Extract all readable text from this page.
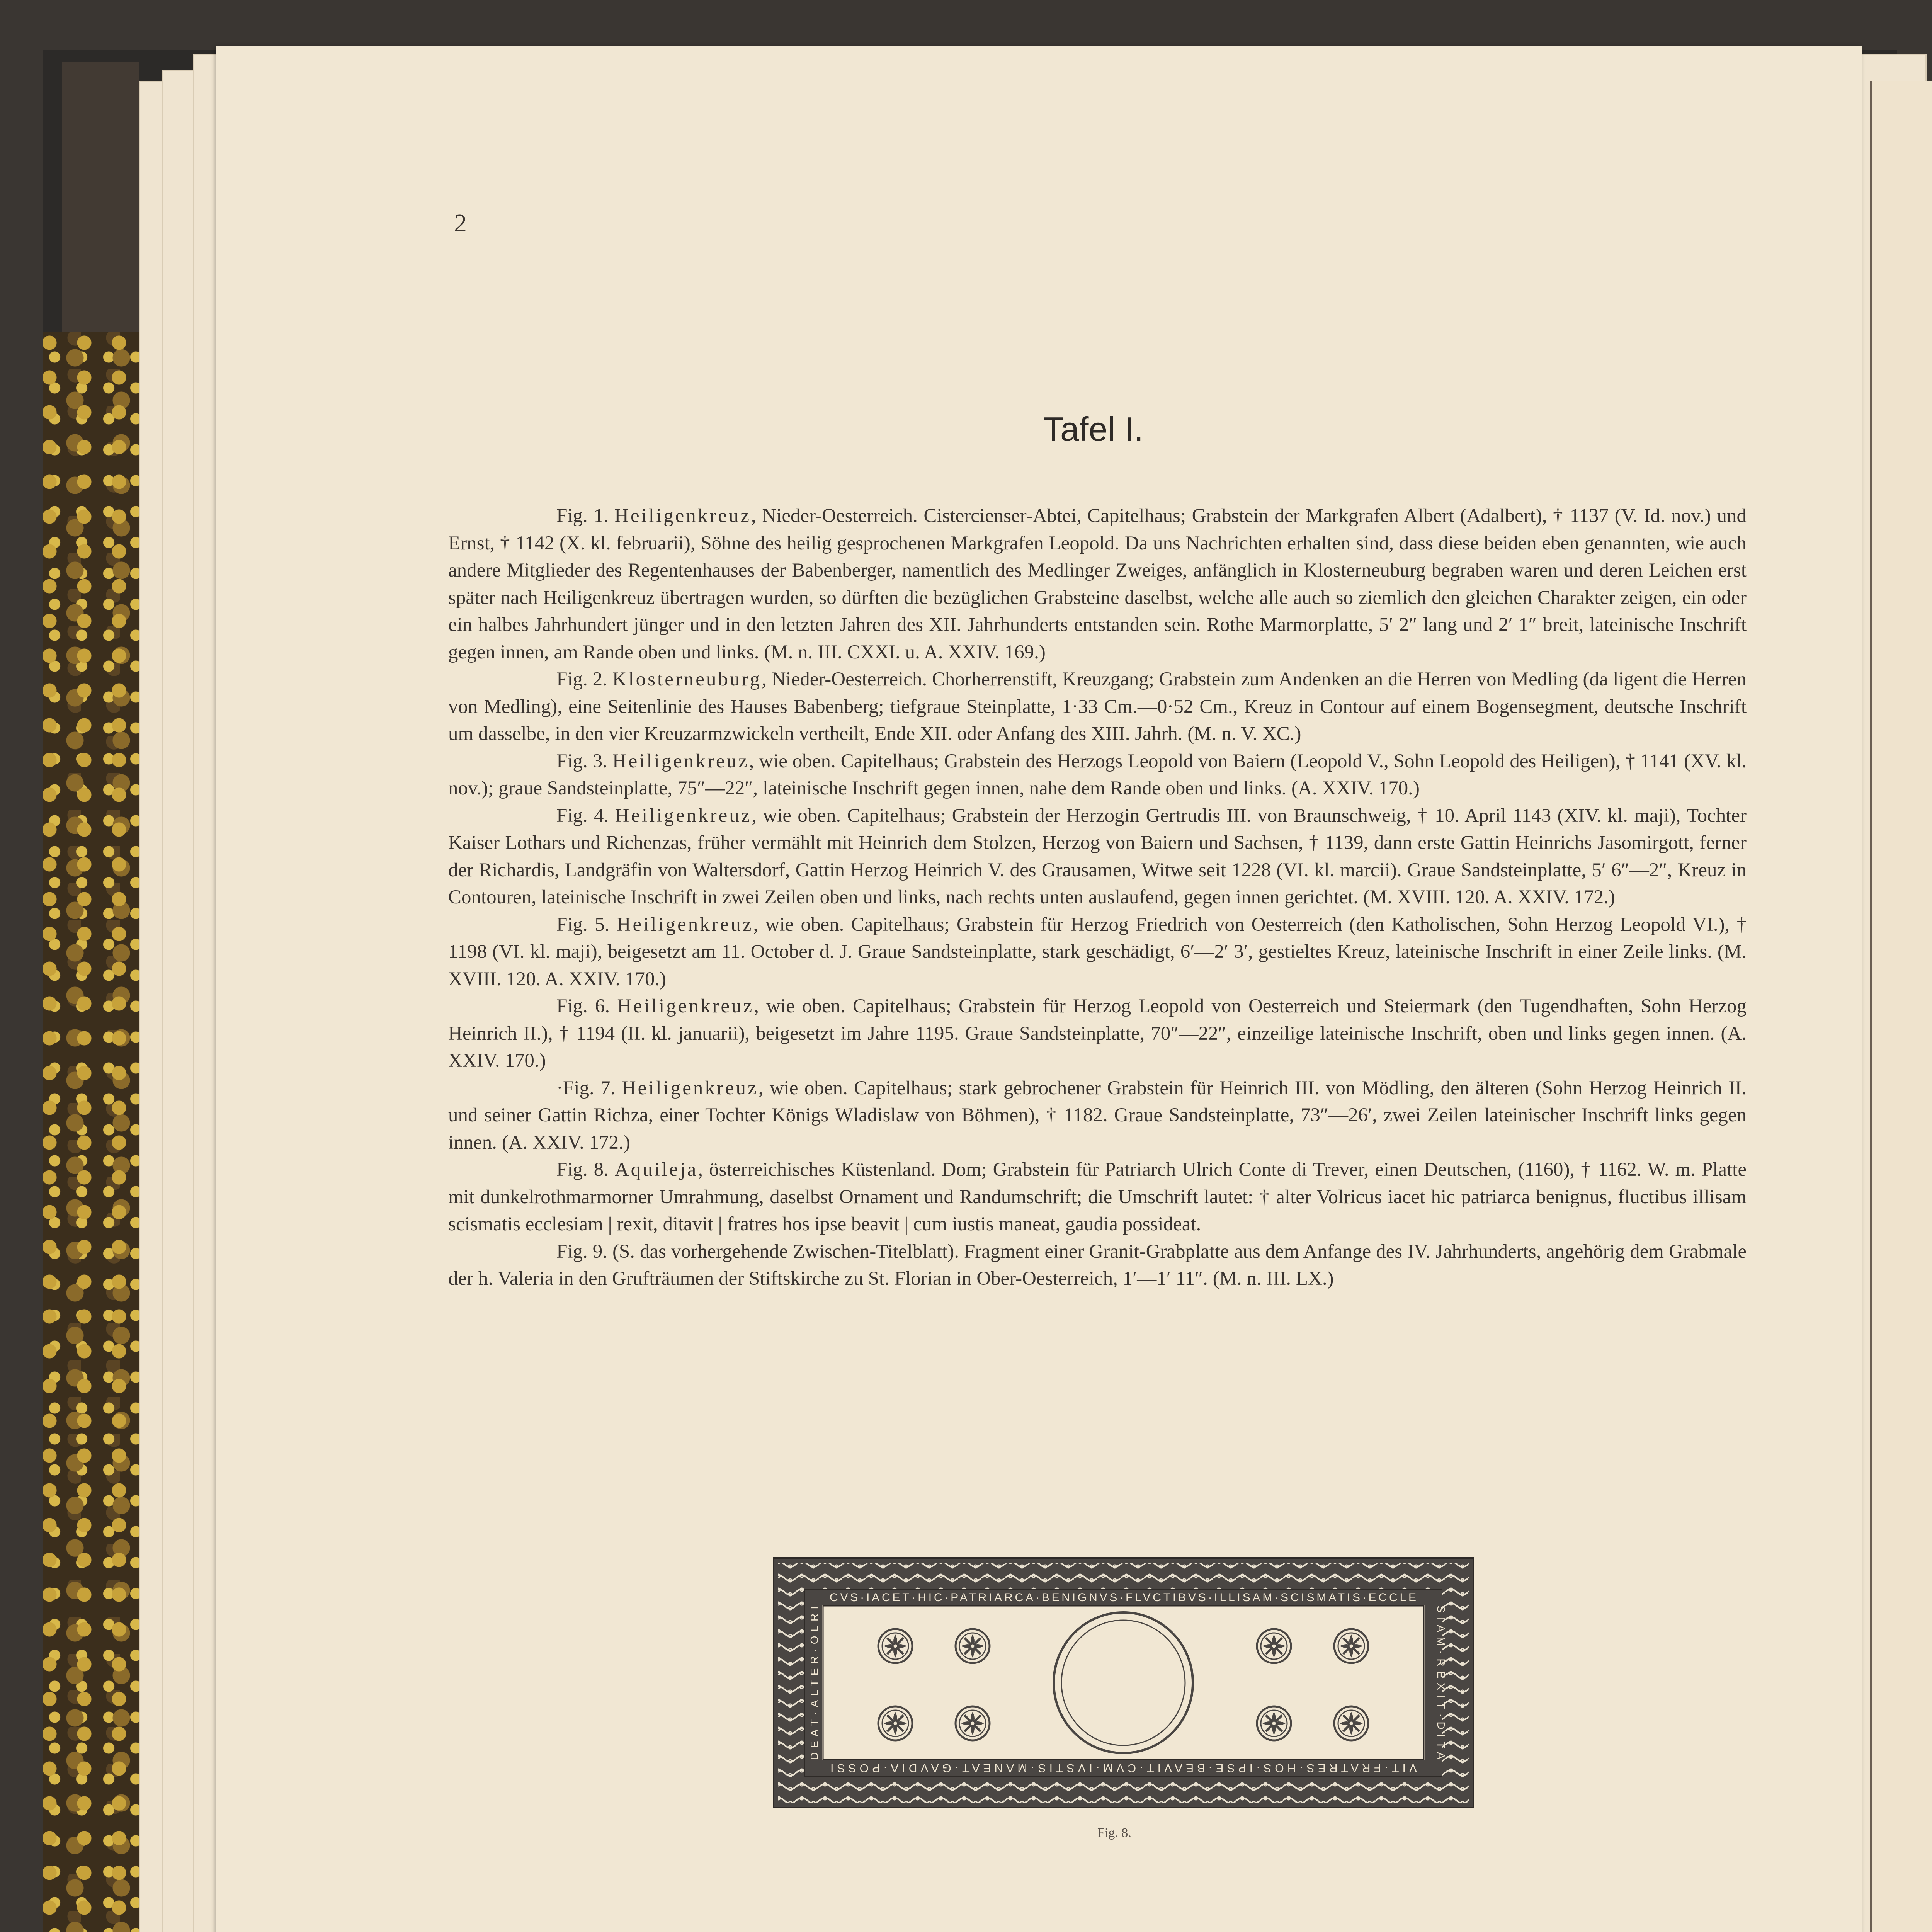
2
Tafel I.

Fig. 1. Heiligenkreuz, Nieder-Oesterreich. Cistercienser-Abtei, Capitelhaus; Grabstein der Markgrafen Albert (Adalbert), † 1137 (V. Id. nov.) und Ernst, † 1142 (X. kl. februarii), Söhne des heilig gesprochenen Markgrafen Leopold. Da uns Nachrichten erhalten sind, dass diese beiden eben genannten, wie auch andere Mitglieder des Regentenhauses der Babenberger, namentlich des Medlinger Zweiges, anfänglich in Klosterneuburg begraben waren und deren Leichen erst später nach Heiligenkreuz übertragen wurden, so dürften die bezüglichen Grabsteine daselbst, welche alle auch so ziemlich den gleichen Charakter zeigen, ein oder ein halbes Jahrhundert jünger und in den letzten Jahren des XII. Jahrhunderts entstanden sein. Rothe Marmorplatte, 5′ 2″ lang und 2′ 1″ breit, lateinische Inschrift gegen innen, am Rande oben und links. (M. n. III. CXXI. u. A. XXIV. 169.)

Fig. 2. Klosterneuburg, Nieder-Oesterreich. Chorherrenstift, Kreuzgang; Grabstein zum Andenken an die Herren von Medling (da ligent die Herren von Medling), eine Seitenlinie des Hauses Babenberg; tiefgraue Steinplatte, 1·33 Cm.—0·52 Cm., Kreuz in Contour auf einem Bogensegment, deutsche Inschrift um dasselbe, in den vier Kreuzarmzwickeln vertheilt, Ende XII. oder Anfang des XIII. Jahrh. (M. n. V. XC.)

Fig. 3. Heiligenkreuz, wie oben. Capitelhaus; Grabstein des Herzogs Leopold von Baiern (Leopold V., Sohn Leopold des Heiligen), † 1141 (XV. kl. nov.); graue Sandsteinplatte, 75″—22″, lateinische Inschrift gegen innen, nahe dem Rande oben und links. (A. XXIV. 170.)

Fig. 4. Heiligenkreuz, wie oben. Capitelhaus; Grabstein der Herzogin Gertrudis III. von Braunschweig, † 10. April 1143 (XIV. kl. maji), Tochter Kaiser Lothars und Richenzas, früher vermählt mit Heinrich dem Stolzen, Herzog von Baiern und Sachsen, † 1139, dann erste Gattin Heinrichs Jasomirgott, ferner der Richardis, Landgräfin von Waltersdorf, Gattin Herzog Heinrich V. des Grausamen, Witwe seit 1228 (VI. kl. marcii). Graue Sandsteinplatte, 5′ 6″—2″, Kreuz in Contouren, lateinische Inschrift in zwei Zeilen oben und links, nach rechts unten auslaufend, gegen innen gerichtet. (M. XVIII. 120. A. XXIV. 172.)

Fig. 5. Heiligenkreuz, wie oben. Capitelhaus; Grabstein für Herzog Friedrich von Oesterreich (den Katholischen, Sohn Herzog Leopold VI.), † 1198 (VI. kl. maji), beigesetzt am 11. October d. J. Graue Sandsteinplatte, stark geschädigt, 6′—2′ 3′, gestieltes Kreuz, lateinische Inschrift in einer Zeile links. (M. XVIII. 120. A. XXIV. 170.)

Fig. 6. Heiligenkreuz, wie oben. Capitelhaus; Grabstein für Herzog Leopold von Oesterreich und Steiermark (den Tugendhaften, Sohn Herzog Heinrich II.), † 1194 (II. kl. januarii), beigesetzt im Jahre 1195. Graue Sandsteinplatte, 70″—22″, einzeilige lateinische Inschrift, oben und links gegen innen. (A. XXIV. 170.)

·Fig. 7. Heiligenkreuz, wie oben. Capitelhaus; stark gebrochener Grabstein für Heinrich III. von Mödling, den älteren (Sohn Herzog Heinrich II. und seiner Gattin Richza, einer Tochter Königs Wladislaw von Böhmen), † 1182. Graue Sandsteinplatte, 73″—26′, zwei Zeilen lateinischer Inschrift links gegen innen. (A. XXIV. 172.)

Fig. 8. Aquileja, österreichisches Küstenland. Dom; Grabstein für Patriarch Ulrich Conte di Trever, einen Deutschen, (1160), † 1162. W. m. Platte mit dunkelrothmarmorner Umrahmung, daselbst Ornament und Randumschrift; die Umschrift lautet: † alter Volricus iacet hic patriarca benignus, fluctibus illisam scismatis ecclesiam | rexit, ditavit | fratres hos ipse beavit | cum iustis maneat, gaudia possideat.

Fig. 9. (S. das vorhergehende Zwischen-Titelblatt). Fragment einer Granit-Grabplatte aus dem Anfange des IV. Jahrhunderts, angehörig dem Grabmale der h. Valeria in den Grufträumen der Stiftskirche zu St. Florian in Ober-Oesterreich, 1′—1′ 11″. (M. n. III. LX.)

CVS·IACET·HIC·PATRIARCA·BENIGNVS·FLVCTIBVS·ILLISAM·SCISMATIS·ECCLE
VIT·FRATRES·HOS·IPSE·BEAVIT·CVM·IVSTIS·MANEAT·GAVDIA·POSSI
SIAM·REXIT·DITA
DEAT·ALTER·OLRI
Fig. 8.
